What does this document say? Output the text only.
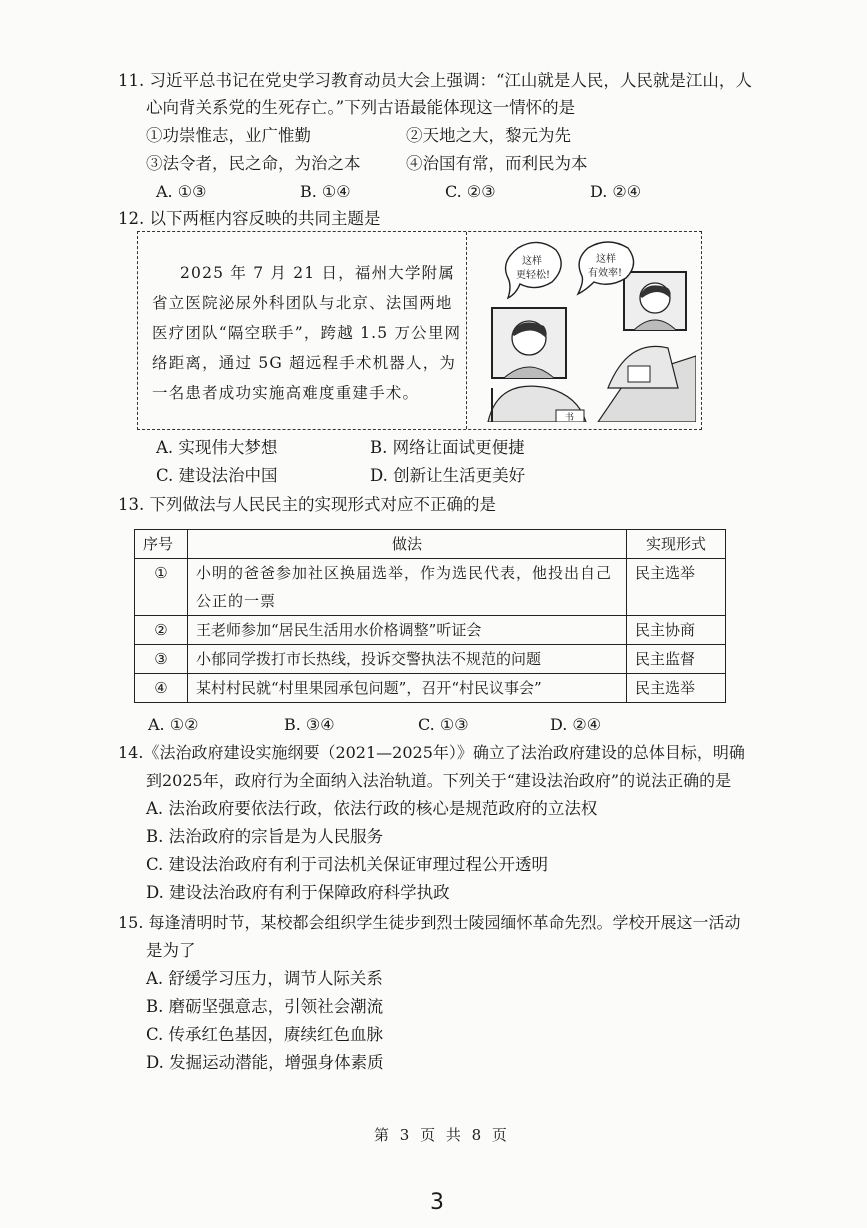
11. 习近平总书记在党史学习教育动员大会上强调：“江山就是人民，人民就是江山，人
心向背关系党的生死存亡。”下列古语最能体现这一情怀的是
①功崇惟志，业广惟勤	②天地之大，黎元为先
③法令者，民之命，为治之本	④治国有常，而利民为本
A. ①③	B. ①④	C. ②③	D. ②④
12. 以下两框内容反映的共同主题是
2025 年 7 月 21 日，福州大学附属省立医院泌尿外科团队与北京、法国两地医疗团队“隔空联手”，跨越 1.5 万公里网络距离，通过 5G 超远程手术机器人，为一名患者成功实施高难度重建手术。
书
这样
更轻松!
这样
有效率!
A. 实现伟大梦想	B. 网络让面试更便捷
C. 建设法治中国	D. 创新让生活更美好
13. 下列做法与人民民主的实现形式对应不正确的是
序号	做法	实现形式
①	小明的爸爸参加社区换届选举，作为选民代表，他投出自己公正的一票	民主选举
②	王老师参加“居民生活用水价格调整”听证会	民主协商
③	小郁同学拨打市长热线，投诉交警执法不规范的问题	民主监督
④	某村村民就“村里果园承包问题”，召开“村民议事会”	民主选举
A. ①②	B. ③④	C. ①③	D. ②④
14.《法治政府建设实施纲要（2021—2025年）》确立了法治政府建设的总体目标，明确
到2025年，政府行为全面纳入法治轨道。下列关于“建设法治政府”的说法正确的是
A. 法治政府要依法行政，依法行政的核心是规范政府的立法权
B. 法治政府的宗旨是为人民服务
C. 建设法治政府有利于司法机关保证审理过程公开透明
D. 建设法治政府有利于保障政府科学执政
15. 每逢清明时节，某校都会组织学生徒步到烈士陵园缅怀革命先烈。学校开展这一活动
是为了
A. 舒缓学习压力，调节人际关系
B. 磨砺坚强意志，引领社会潮流
C. 传承红色基因，赓续红色血脉
D. 发掘运动潜能，增强身体素质
第 3 页 共 8 页
3
